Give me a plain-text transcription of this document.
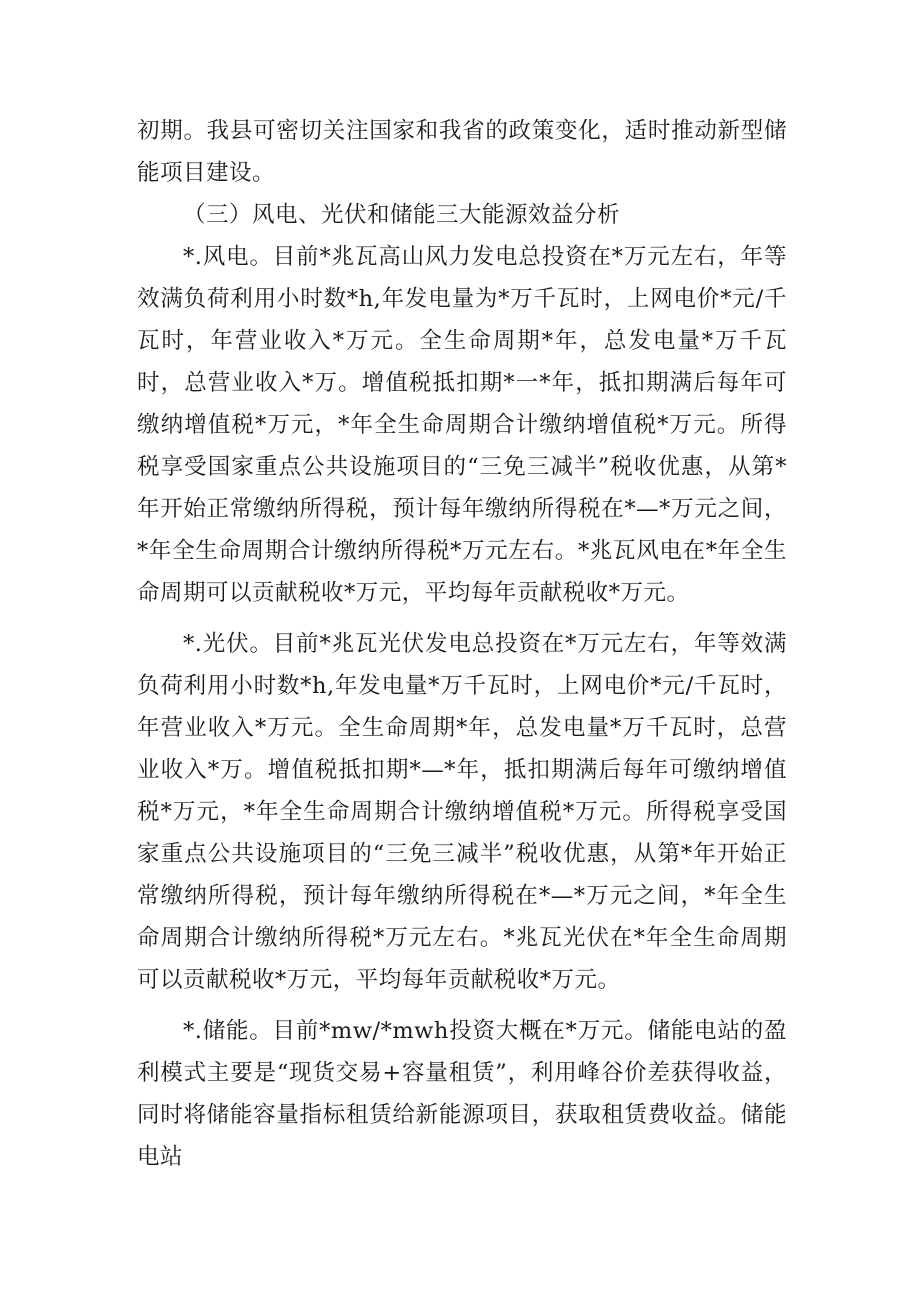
初期。我县可密切关注国家和我省的政策变化，适时推动新型储能项目建设。

（三）风电、光伏和储能三大能源效益分析

*.风电。目前*兆瓦高山风力发电总投资在*万元左右，年等效满负荷利用小时数*h,年发电量为*万千瓦时，上网电价*元/千瓦时，年营业收入*万元。全生命周期*年，总发电量*万千瓦时，总营业收入*万。增值税抵扣期*一*年，抵扣期满后每年可缴纳增值税*万元，*年全生命周期合计缴纳增值税*万元。所得税享受国家重点公共设施项目的“三免三减半”税收优惠，从第*年开始正常缴纳所得税，预计每年缴纳所得税在*—*万元之间，*年全生命周期合计缴纳所得税*万元左右。*兆瓦风电在*年全生命周期可以贡献税收*万元，平均每年贡献税收*万元。

*.光伏。目前*兆瓦光伏发电总投资在*万元左右，年等效满负荷利用小时数*h,年发电量*万千瓦时，上网电价*元/千瓦时，年营业收入*万元。全生命周期*年，总发电量*万千瓦时，总营业收入*万。增值税抵扣期*—*年，抵扣期满后每年可缴纳增值税*万元，*年全生命周期合计缴纳增值税*万元。所得税享受国家重点公共设施项目的“三免三减半”税收优惠，从第*年开始正常缴纳所得税，预计每年缴纳所得税在*—*万元之间，*年全生命周期合计缴纳所得税*万元左右。*兆瓦光伏在*年全生命周期可以贡献税收*万元，平均每年贡献税收*万元。

*.储能。目前*mw/*mwh投资大概在*万元。储能电站的盈利模式主要是“现货交易+容量租赁”，利用峰谷价差获得收益，同时将储能容量指标租赁给新能源项目，获取租赁费收益。储能电站
